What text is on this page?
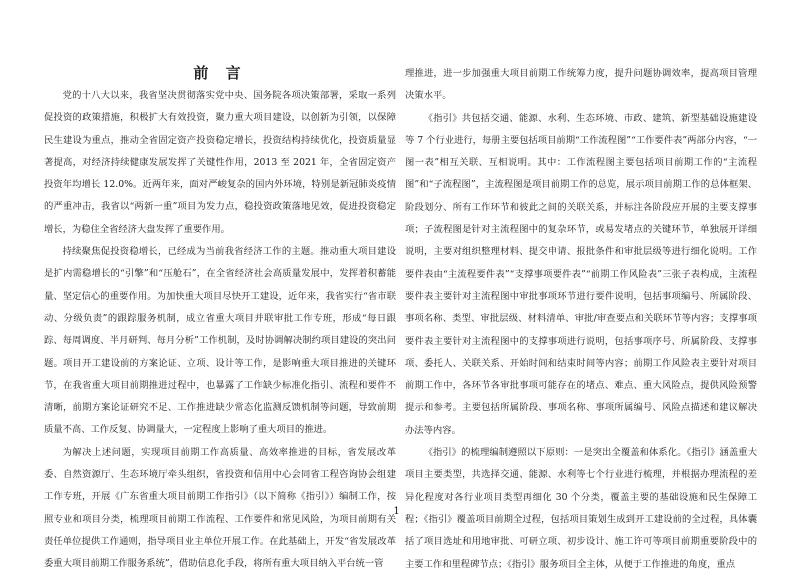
前 言

党的十八大以来，我省坚决贯彻落实党中央、国务院各项决策部署，采取一系列促投资的政策措施，积极扩大有效投资，聚力重大项目建设，以创新为引领，以保障民生建设为重点，推动全省固定资产投资稳定增长，投资结构持续优化，投资质量显著提高，对经济持续健康发展发挥了关键性作用，2013 至 2021 年，全省固定资产投资年均增长 12.0%。近两年来，面对严峻复杂的国内外环境，特别是新冠肺炎疫情的严重冲击，我省以“两新一重”项目为发力点，稳投资政策落地见效，促进投资稳定增长，为稳住全省经济大盘发挥了重要作用。

持续聚焦促投资稳增长，已经成为当前我省经济工作的主题。推动重大项目建设是扩内需稳增长的“引擎”和“压舱石”，在全省经济社会高质量发展中，发挥着积蓄能量、坚定信心的重要作用。为加快重大项目尽快开工建设，近年来，我省实行“省市联动、分级负责”的跟踪服务机制，成立省重大项目并联审批工作专班，形成“每日跟踪、每周调度、半月研判、每月分析”工作机制，及时协调解决制约项目建设的突出问题。项目开工建设前的方案论证、立项、设计等工作，是影响重大项目推进的关键环节，在我省重大项目前期推进过程中，也暴露了工作缺少标准化指引、流程和要件不清晰，前期方案论证研究不足、工作推进缺少常态化监测反馈机制等问题，导致前期质量不高、工作反复、协调量大，一定程度上影响了重大项目的推进。

为解决上述问题，实现项目前期工作高质量、高效率推进的目标，省发展改革委、自然资源厅、生态环境厅牵头组织，省投资和信用中心会同省工程咨询协会组建工作专班，开展《广东省重大项目前期工作指引》（以下简称《指引》）编制工作，按照专业和项目分类，梳理项目前期工作流程、工作要件和常见风险，为项目前期有关责任单位提供工作通则，指导项目业主单位开展工作。在此基础上，开发“省发展改革委重大项目前期工作服务系统”，借助信息化手段，将所有重大项目纳入平台统一管

理推进，进一步加强重大项目前期工作统筹力度，提升问题协调效率，提高项目管理决策水平。

《指引》共包括交通、能源、水利、生态环境、市政、建筑、新型基础设施建设等 7 个行业进行，每册主要包括项目前期“工作流程图”“工作要件表”两部分内容，“一图一表”相互关联、互相说明。其中：工作流程图主要包括项目前期工作的“主流程图”和“子流程图”，主流程图是项目前期工作的总览，展示项目前期工作的总体框架、阶段划分、所有工作环节和彼此之间的关联关系，并标注各阶段应开展的主要支撑事项；子流程图是针对主流程图中的复杂环节，或易发堵点的关键环节，单独展开详细说明，主要对组织整理材料、提交申请、报批条件和审批层级等进行细化说明。工作要件表由“主流程要件表”“支撑事项要件表”“前期工作风险表”三张子表构成，主流程要件表主要针对主流程图中审批事项环节进行要件说明，包括事项编号、所属阶段、事项名称、类型、审批层级、材料清单、审批/审查要点和关联环节等内容；支撑事项要件表主要针对主流程图中的支撑事项进行说明，包括事项序号、所属阶段、支撑事项、委托人、关联关系、开始时间和结束时间等内容；前期工作风险表主要针对项目前期工作中，各环节各审批事项可能存在的堵点、难点、重大风险点，提供风险预警提示和参考。主要包括所属阶段、事项名称、事项所属编号、风险点描述和建议解决办法等内容。

《指引》的梳理编制遵照以下原则：一是突出全覆盖和体系化。《指引》涵盖重大项目主要类型，共选择交通、能源、水利等七个行业进行梳理，并根据办理流程的差异化程度对各行业项目类型再细化 30 个分类，覆盖主要的基础设施和民生保障工程；《指引》覆盖项目前期全过程，包括项目策划生成到开工建设前的全过程，具体囊括了项目选址和用地审批、可研立项、初步设计、施工许可等项目前期重要阶段中的主要工作和里程碑节点；《指引》服务项目全主体，从便于工作推进的角度，重点

1
